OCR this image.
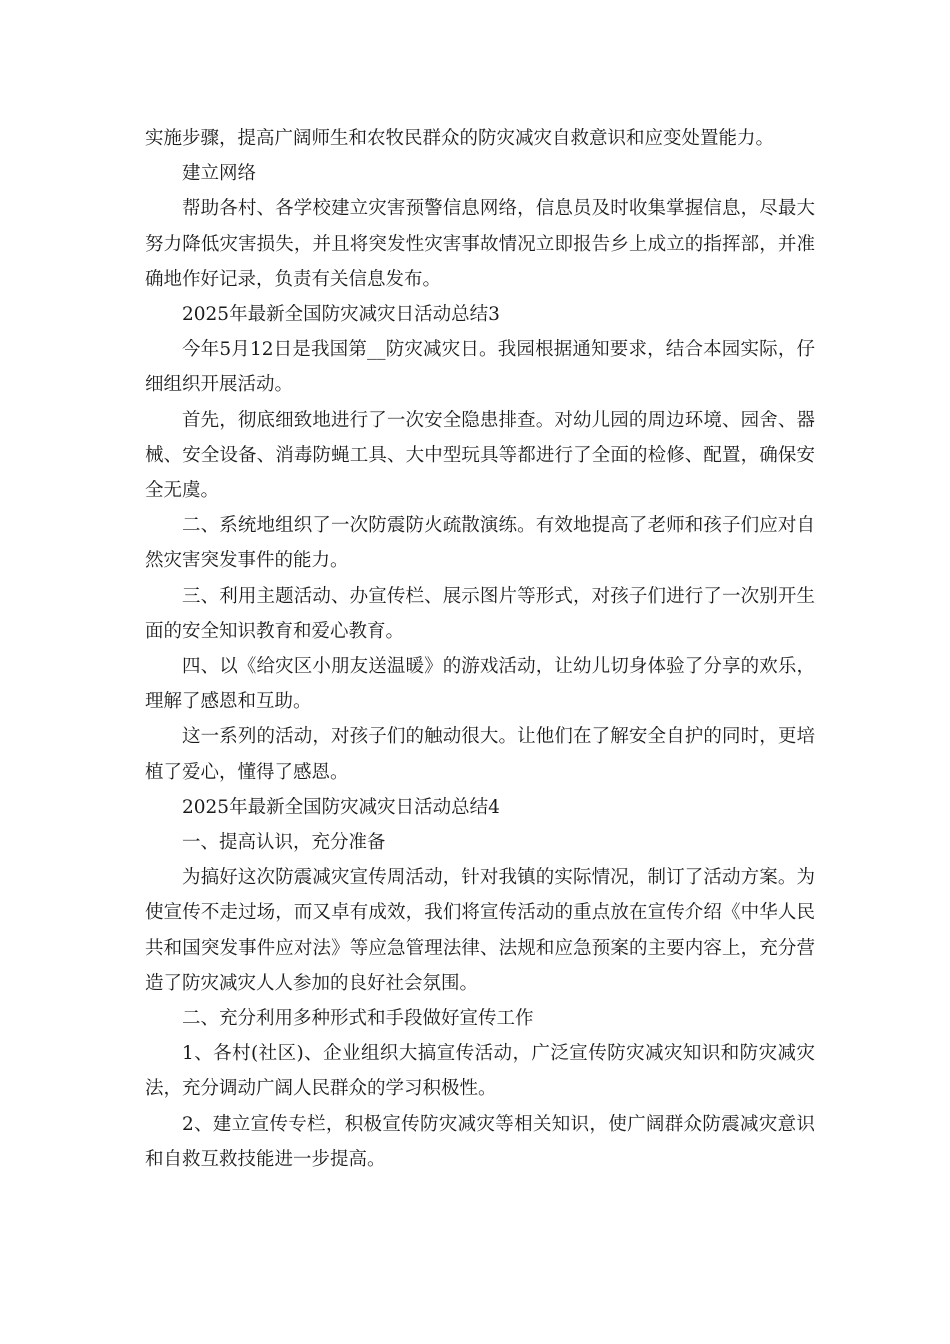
实施步骤，提高广阔师生和农牧民群众的防灾减灾自救意识和应变处置能力。

建立网络

帮助各村、各学校建立灾害预警信息网络，信息员及时收集掌握信息，尽最大努力降低灾害损失，并且将突发性灾害事故情况立即报告乡上成立的指挥部，并准确地作好记录，负责有关信息发布。

2025年最新全国防灾减灾日活动总结3

今年5月12日是我国第__防灾减灾日。我园根据通知要求，结合本园实际，仔细组织开展活动。

首先，彻底细致地进行了一次安全隐患排查。对幼儿园的周边环境、园舍、器械、安全设备、消毒防蝇工具、大中型玩具等都进行了全面的检修、配置，确保安全无虞。

二、系统地组织了一次防震防火疏散演练。有效地提高了老师和孩子们应对自然灾害突发事件的能力。

三、利用主题活动、办宣传栏、展示图片等形式，对孩子们进行了一次别开生面的安全知识教育和爱心教育。

四、以《给灾区小朋友送温暖》的游戏活动，让幼儿切身体验了分享的欢乐，理解了感恩和互助。

这一系列的活动，对孩子们的触动很大。让他们在了解安全自护的同时，更培植了爱心，懂得了感恩。

2025年最新全国防灾减灾日活动总结4

一、提高认识，充分准备

为搞好这次防震减灾宣传周活动，针对我镇的实际情况，制订了活动方案。为使宣传不走过场，而又卓有成效，我们将宣传活动的重点放在宣传介绍《中华人民共和国突发事件应对法》等应急管理法律、法规和应急预案的主要内容上，充分营造了防灾减灾人人参加的良好社会氛围。

二、充分利用多种形式和手段做好宣传工作

1、各村(社区)、企业组织大搞宣传活动，广泛宣传防灾减灾知识和防灾减灾法，充分调动广阔人民群众的学习积极性。

2、建立宣传专栏，积极宣传防灾减灾等相关知识，使广阔群众防震减灾意识和自救互救技能进一步提高。
